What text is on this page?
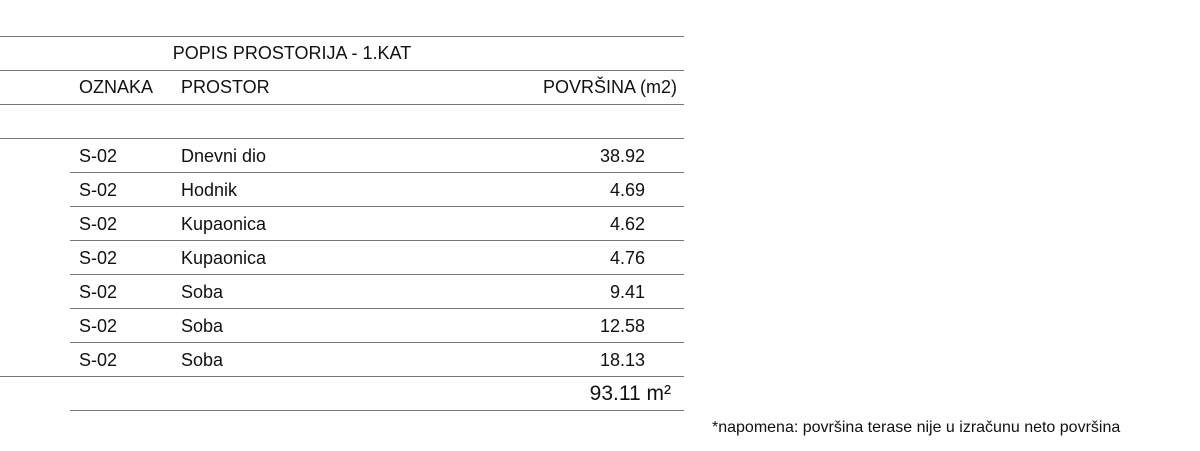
POPIS PROSTORIJA - 1.KAT
OZNAKA PROSTOR	POVRŠINA (m2)
S-02	Dnevni dio	38.92
S-02	Hodnik	4.69
S-02	Kupaonica	4.62
S-02	Kupaonica	4.76
S-02	Soba	9.41
S-02	Soba	12.58
S-02	Soba	18.13
93.11 m²
*napomena: površina terase nije u izračunu neto površina
